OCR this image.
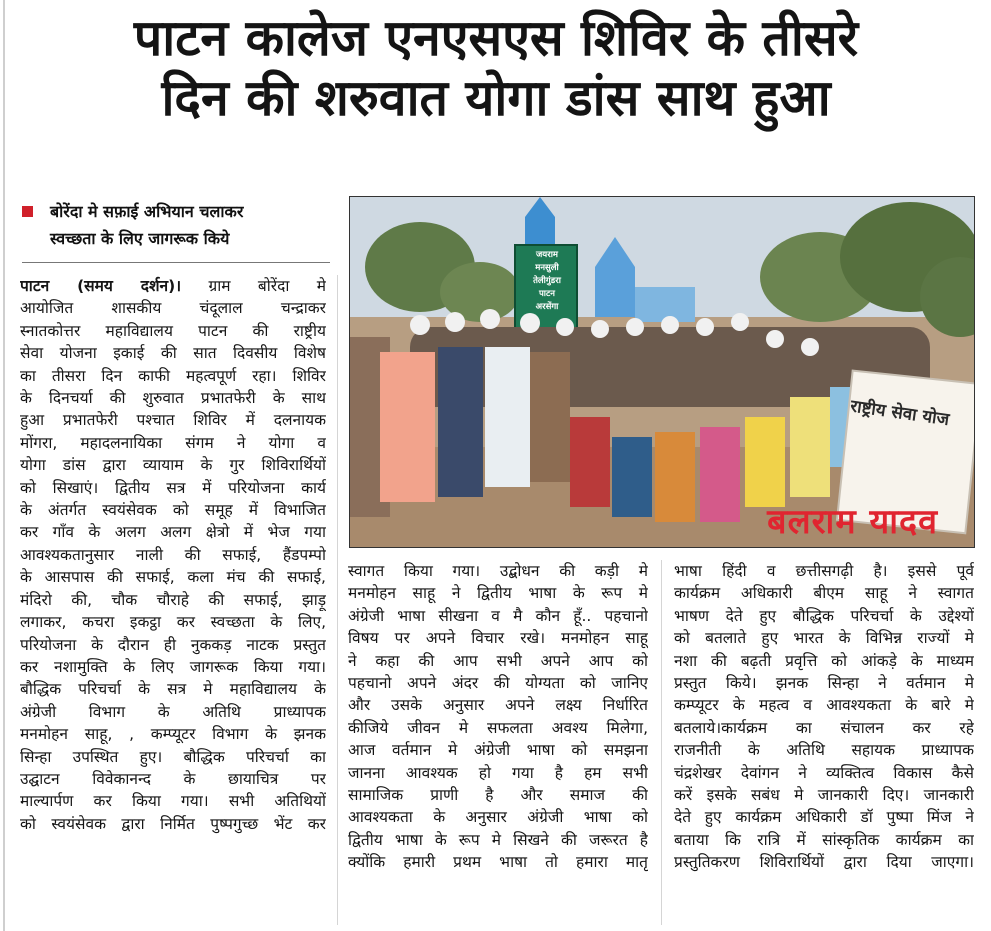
पाटन कालेज एनएसएस शिविर के तीसरे
दिन की शरुवात योगा डांस साथ हुआ
बोरेंदा मे सफ़ाई अभियान चलाकर
स्वच्छता के लिए जागरूक किये
जयराम
मनसुली
तेलीगुंडरा
पाटन
अरसेंगा
राष्ट्रीय सेवा योज
बलराम यादव
पाटन (समय दर्शन)। ग्राम बोरेंदा मे
आयोजित शासकीय चंदूलाल चन्द्राकर
स्नातकोत्तर महाविद्यालय पाटन की राष्ट्रीय
सेवा योजना इकाई की सात दिवसीय विशेष
का तीसरा दिन काफी महत्वपूर्ण रहा। शिविर
के दिनचर्या की शुरुवात प्रभातफेरी के साथ
हुआ प्रभातफेरी पश्चात शिविर में दलनायक
मोंगरा, महादलनायिका संगम ने योगा व
योगा डांस द्वारा व्यायाम के गुर शिविरार्थियों
को सिखाएं। द्वितीय सत्र में परियोजना कार्य
के अंतर्गत स्वयंसेवक को समूह में विभाजित
कर गाँव के अलग अलग क्षेत्रो में भेज गया
आवश्यकतानुसार नाली की सफाई, हैंडपम्पो
के आसपास की सफाई, कला मंच की सफाई,
मंदिरो की, चौक चौराहे की सफाई, झाड़ू
लगाकर, कचरा इकट्ठा कर स्वच्छता के लिए,
परियोजना के दौरान ही नुककड़ नाटक प्रस्तुत
कर नशामुक्ति के लिए जागरूक किया गया।
बौद्धिक परिचर्चा के सत्र मे महाविद्यालय के
अंग्रेजी विभाग के अतिथि प्राध्यापक
मनमोहन साहू, , कम्प्यूटर विभाग के झनक
सिन्हा उपस्थित हुए। बौद्धिक परिचर्चा का
उद्घाटन विवेकानन्द के छायाचित्र पर
माल्यार्पण कर किया गया। सभी अतिथियों
को स्वयंसेवक द्वारा निर्मित पुष्पगुच्छ भेंट कर
स्वागत किया गया। उद्बोधन की कड़ी मे
मनमोहन साहू ने द्वितीय भाषा के रूप मे
अंग्रेजी भाषा सीखना व मै कौन हूँ.. पहचानो
विषय पर अपने विचार रखे। मनमोहन साहू
ने कहा की आप सभी अपने आप को
पहचानो अपने अंदर की योग्यता को जानिए
और उसके अनुसार अपने लक्ष्य निर्धारित
कीजिये जीवन मे सफलता अवश्य मिलेगा,
आज वर्तमान मे अंग्रेजी भाषा को समझना
जानना आवश्यक हो गया है हम सभी
सामाजिक प्राणी है और समाज की
आवश्यकता के अनुसार अंग्रेजी भाषा को
द्वितीय भाषा के रूप मे सिखने की जरूरत है
क्योंकि हमारी प्रथम भाषा तो हमारा मातृ
भाषा हिंदी व छत्तीसगढ़ी है। इससे पूर्व
कार्यक्रम अधिकारी बीएम साहू ने स्वागत
भाषण देते हुए बौद्धिक परिचर्चा के उद्देश्यों
को बतलाते हुए भारत के विभिन्न राज्यों मे
नशा की बढ़ती प्रवृत्ति को आंकड़े के माध्यम
प्रस्तुत किये। झनक सिन्हा ने वर्तमान मे
कम्प्यूटर के महत्व व आवश्यकता के बारे मे
बतलाये।कार्यक्रम का संचालन कर रहे
राजनीती के अतिथि सहायक प्राध्यापक
चंद्रशेखर देवांगन ने व्यक्तित्व विकास कैसे
करें इसके सबंध मे जानकारी दिए। जानकारी
देते हुए कार्यक्रम अधिकारी डॉ पुष्पा मिंज ने
बताया कि रात्रि में सांस्कृतिक कार्यक्रम का
प्रस्तुतिकरण शिविरार्थियों द्वारा दिया जाएगा।
